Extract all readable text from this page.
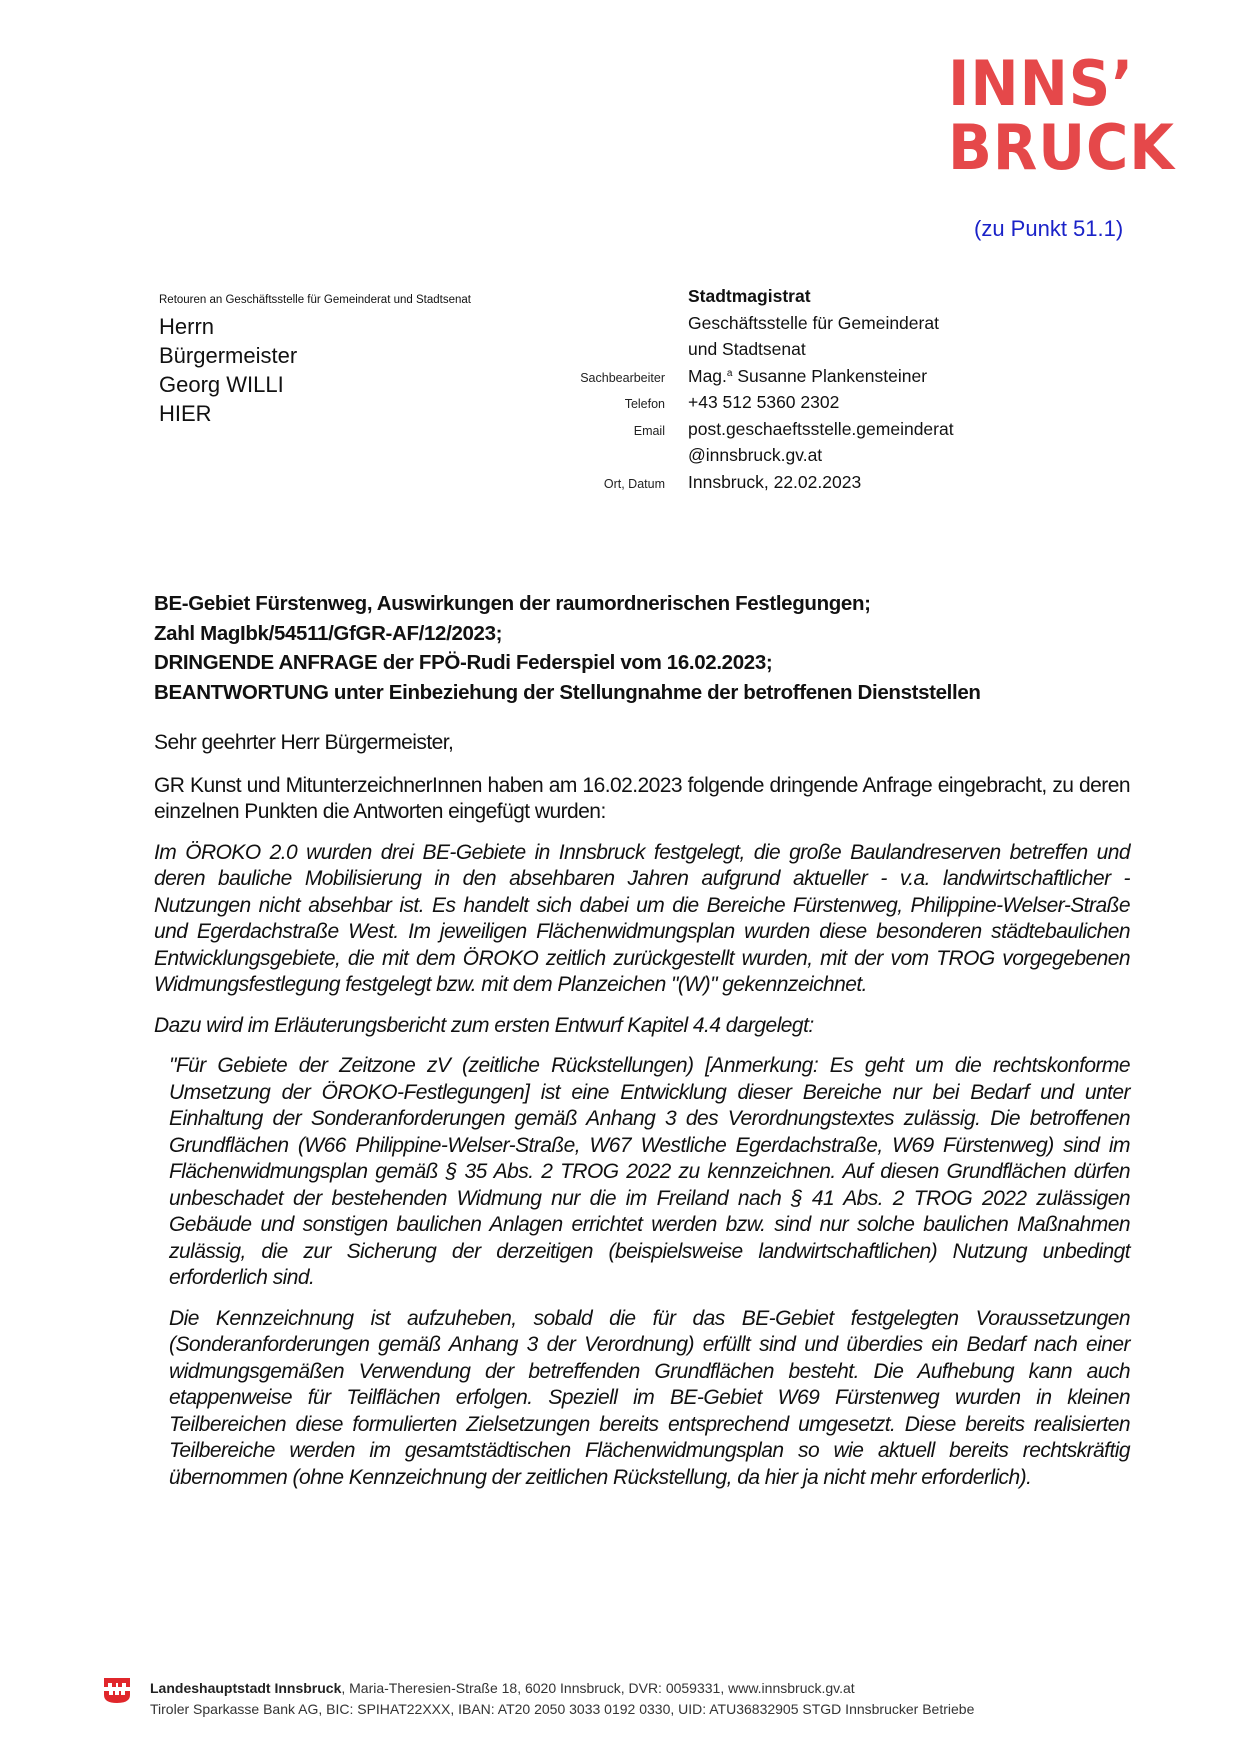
INNS’
BRUCK
(zu Punkt 51.1)
Retouren an Geschäftsstelle für Gemeinderat und Stadtsenat
Herrn
Bürgermeister
Georg WILLI
HIER
Stadtmagistrat
Geschäftsstelle für Gemeinderat
und Stadtsenat
Sachbearbeiter	Mag.$^a$ Susanne Plankensteiner
Telefon	+43 512 5360 2302
Email	post.geschaeftsstelle.gemeinderat
@innsbruck.gv.at
Ort, Datum	Innsbruck, 22.02.2023
BE-Gebiet Fürstenweg, Auswirkungen der raumordnerischen Festlegungen;
Zahl MagIbk/54511/GfGR-AF/12/2023;
DRINGENDE ANFRAGE der FPÖ-Rudi Federspiel vom 16.02.2023;
BEANTWORTUNG unter Einbeziehung der Stellungnahme der betroffenen Dienststellen

Sehr geehrter Herr Bürgermeister,

GR Kunst und MitunterzeichnerInnen haben am 16.02.2023 folgende dringende Anfrage eingebracht, zu deren einzelnen Punkten die Antworten eingefügt wurden:

Im ÖROKO 2.0 wurden drei BE-Gebiete in Innsbruck festgelegt, die große Baulandreserven betreffen und deren bauliche Mobilisierung in den absehbaren Jahren aufgrund aktueller - v.a. landwirtschaftlicher - Nutzungen nicht absehbar ist. Es handelt sich dabei um die Bereiche Fürstenweg, Philippine-Welser-Straße und Egerdachstraße West. Im jeweiligen Flächenwidmungsplan wurden diese besonderen städtebaulichen Entwicklungsgebiete, die mit dem ÖROKO zeitlich zurückgestellt wurden, mit der vom TROG vorgegebenen Widmungsfestlegung festgelegt bzw. mit dem Planzeichen "(W)" gekennzeichnet.

Dazu wird im Erläuterungsbericht zum ersten Entwurf Kapitel 4.4 dargelegt:

"Für Gebiete der Zeitzone zV (zeitliche Rückstellungen) [Anmerkung: Es geht um die rechtskonforme Umsetzung der ÖROKO-Festlegungen] ist eine Entwicklung dieser Bereiche nur bei Bedarf und unter Einhaltung der Sonderanforderungen gemäß Anhang 3 des Verordnungstextes zulässig. Die betroffenen Grundflächen (W66 Philippine-Welser-Straße, W67 Westliche Egerdachstraße, W69 Fürstenweg) sind im Flächenwidmungsplan gemäß § 35 Abs. 2 TROG 2022 zu kennzeichnen. Auf diesen Grundflächen dürfen unbeschadet der bestehenden Widmung nur die im Freiland nach § 41 Abs. 2 TROG 2022 zulässigen Gebäude und sonstigen baulichen Anlagen errichtet werden bzw. sind nur solche baulichen Maßnahmen zulässig, die zur Sicherung der derzeitigen (beispielsweise landwirtschaftlichen) Nutzung unbedingt erforderlich sind.

Die Kennzeichnung ist aufzuheben, sobald die für das BE-Gebiet festgelegten Voraussetzungen (Sonderanforderungen gemäß Anhang 3 der Verordnung) erfüllt sind und überdies ein Bedarf nach einer widmungsgemäßen Verwendung der betreffenden Grundflächen besteht. Die Aufhebung kann auch etappenweise für Teilflächen erfolgen. Speziell im BE-Gebiet W69 Fürstenweg wurden in kleinen Teilbereichen diese formulierten Zielsetzungen bereits entsprechend umgesetzt. Diese bereits realisierten Teilbereiche werden im gesamtstädtischen Flächenwidmungsplan so wie aktuell bereits rechtskräftig übernommen (ohne Kennzeichnung der zeitlichen Rückstellung, da hier ja nicht mehr erforderlich).

Landeshauptstadt Innsbruck, Maria-Theresien-Straße 18, 6020 Innsbruck, DVR: 0059331, www.innsbruck.gv.at
Tiroler Sparkasse Bank AG, BIC: SPIHAT22XXX, IBAN: AT20 2050 3033 0192 0330, UID: ATU36832905 STGD Innsbrucker Betriebe
